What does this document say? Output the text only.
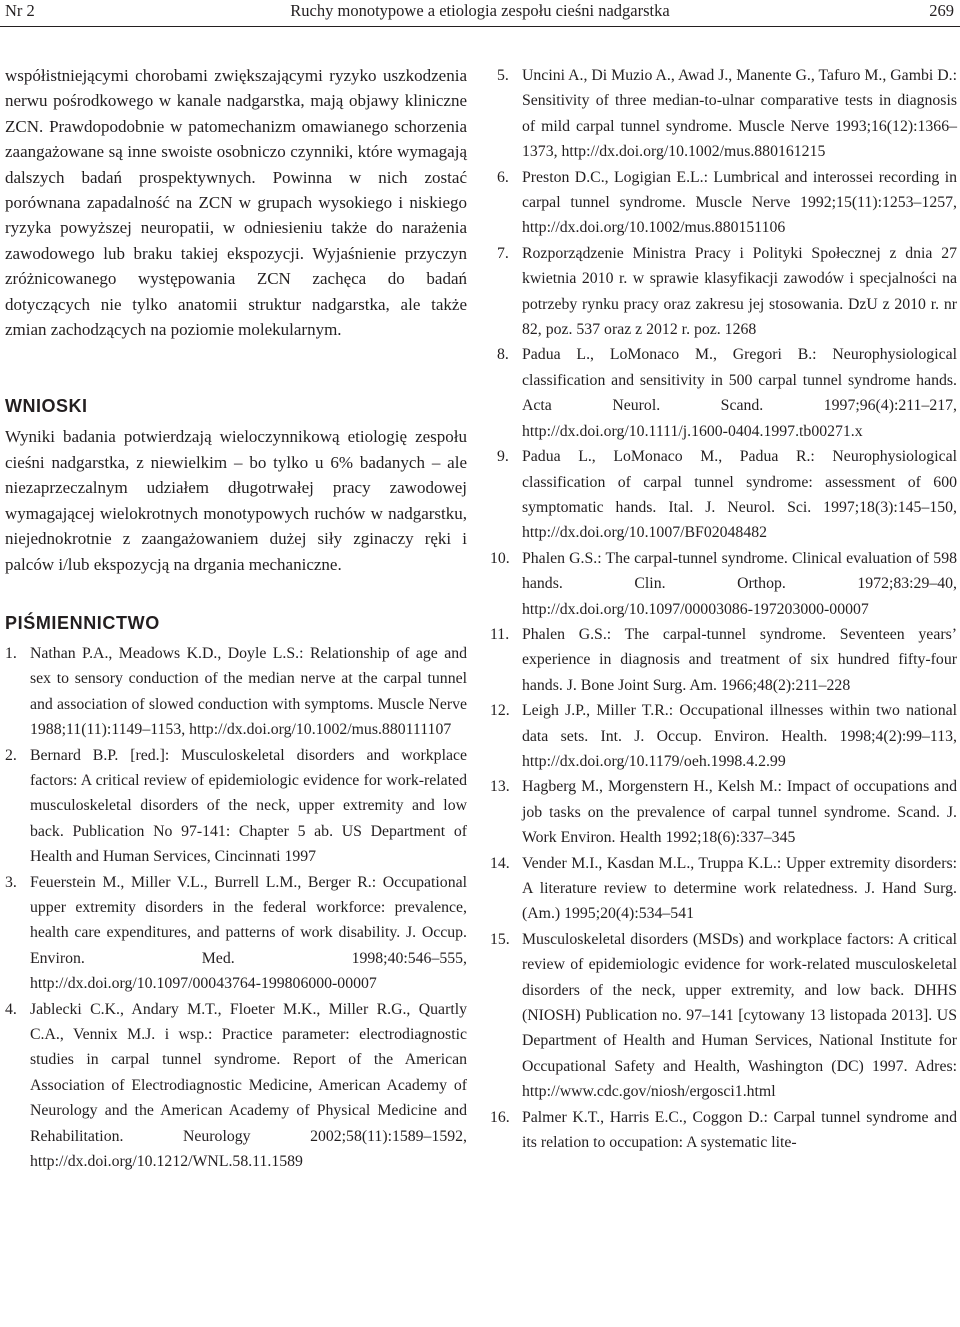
Ruchy monotypowe a etiologia zespołu cieśni nadgarstka
Nr 2	269

współistniejącymi chorobami zwiększającymi ryzyko uszkodzenia nerwu pośrodkowego w kanale nadgarstka, mają objawy kliniczne ZCN. Prawdopodobnie w patomechanizm omawianego schorzenia zaangażowane są inne swoiste osobniczo czynniki, które wymagają dalszych badań prospektywnych. Powinna w nich zostać porównana zapadalność na ZCN w grupach wysokiego i niskiego ryzyka powyższej neuropatii, w odniesieniu także do narażenia zawodowego lub braku takiej ekspozycji. Wyjaśnienie przyczyn zróżnicowanego występowania ZCN zachęca do badań dotyczących nie tylko anatomii struktur nadgarstka, ale także zmian zachodzących na poziomie molekularnym.

WNIOSKI

Wyniki badania potwierdzają wieloczynnikową etiologię zespołu cieśni nadgarstka, z niewielkim – bo tylko u 6% badanych – ale niezaprzeczalnym udziałem długotrwałej pracy zawodowej wymagającej wielokrotnych monotypowych ruchów w nadgarstku, niejednokrotnie z zaangażowaniem dużej siły zginaczy ręki i palców i/lub ekspozycją na drgania mechaniczne.

PIŚMIENNICTWO
1. Nathan P.A., Meadows K.D., Doyle L.S.: Relationship of age and sex to sensory conduction of the median nerve at the carpal tunnel and association of slowed conduction with symptoms. Muscle Nerve 1988;11(11):1149–1153, http://dx.doi.org/10.1002/mus.880111107
2. Bernard B.P. [red.]: Musculoskeletal disorders and workplace factors: A critical review of epidemiologic evidence for work-related musculoskeletal disorders of the neck, upper extremity and low back. Publication No 97-141: Chapter 5 ab. US Department of Health and Human Services, Cincinnati 1997
3. Feuerstein M., Miller V.L., Burrell L.M., Berger R.: Occupational upper extremity disorders in the federal workforce: prevalence, health care expenditures, and patterns of work disability. J. Occup. Environ. Med. 1998;40:546–555, http://dx.doi.org/10.1097/00043764-199806000-00007
4. Jablecki C.K., Andary M.T., Floeter M.K., Miller R.G., Quartly C.A., Vennix M.J. i wsp.: Practice parameter: electrodiagnostic studies in carpal tunnel syndrome. Report of the American Association of Electrodiagnostic Medicine, American Academy of Neurology and the American Academy of Physical Medicine and Rehabilitation. Neurology 2002;58(11):1589–1592, http://dx.doi.org/10.1212/WNL.58.11.1589
5. Uncini A., Di Muzio A., Awad J., Manente G., Tafuro M., Gambi D.: Sensitivity of three median-to-ulnar comparative tests in diagnosis of mild carpal tunnel syndrome. Muscle Nerve 1993;16(12):1366–1373, http://dx.doi.org/10.1002/mus.880161215
6. Preston D.C., Logigian E.L.: Lumbrical and interossei recording in carpal tunnel syndrome. Muscle Nerve 1992;15(11):1253–1257, http://dx.doi.org/10.1002/mus.880151106
7. Rozporządzenie Ministra Pracy i Polityki Społecznej z dnia 27 kwietnia 2010 r. w sprawie klasyfikacji zawodów i specjalności na potrzeby rynku pracy oraz zakresu jej stosowania. DzU z 2010 r. nr 82, poz. 537 oraz z 2012 r. poz. 1268
8. Padua L., LoMonaco M., Gregori B.: Neurophysiological classification and sensitivity in 500 carpal tunnel syndrome hands. Acta Neurol. Scand. 1997;96(4):211–217, http://dx.doi.org/10.1111/j.1600-0404.1997.tb00271.x
9. Padua L., LoMonaco M., Padua R.: Neurophysiological classification of carpal tunnel syndrome: assessment of 600 symptomatic hands. Ital. J. Neurol. Sci. 1997;18(3):145–150, http://dx.doi.org/10.1007/BF02048482
10. Phalen G.S.: The carpal-tunnel syndrome. Clinical evaluation of 598 hands. Clin. Orthop. 1972;83:29–40, http://dx.doi.org/10.1097/00003086-197203000-00007
11. Phalen G.S.: The carpal-tunnel syndrome. Seventeen years’ experience in diagnosis and treatment of six hundred fifty-four hands. J. Bone Joint Surg. Am. 1966;48(2):211–228
12. Leigh J.P., Miller T.R.: Occupational illnesses within two national data sets. Int. J. Occup. Environ. Health. 1998;4(2):99–113, http://dx.doi.org/10.1179/oeh.1998.4.2.99
13. Hagberg M., Morgenstern H., Kelsh M.: Impact of occupations and job tasks on the prevalence of carpal tunnel syndrome. Scand. J. Work Environ. Health 1992;18(6):337–345
14. Vender M.I., Kasdan M.L., Truppa K.L.: Upper extremity disorders: A literature review to determine work relatedness. J. Hand Surg. (Am.) 1995;20(4):534–541
15. Musculoskeletal disorders (MSDs) and workplace factors: A critical review of epidemiologic evidence for work-related musculoskeletal disorders of the neck, upper extremity, and low back. DHHS (NIOSH) Publication no. 97–141 [cytowany 13 listopada 2013]. US Department of Health and Human Services, National Institute for Occupational Safety and Health, Washington (DC) 1997. Adres: http://www.cdc.gov/niosh/ergosci1.html
16. Palmer K.T., Harris E.C., Coggon D.: Carpal tunnel syndrome and its relation to occupation: A systematic lite-
